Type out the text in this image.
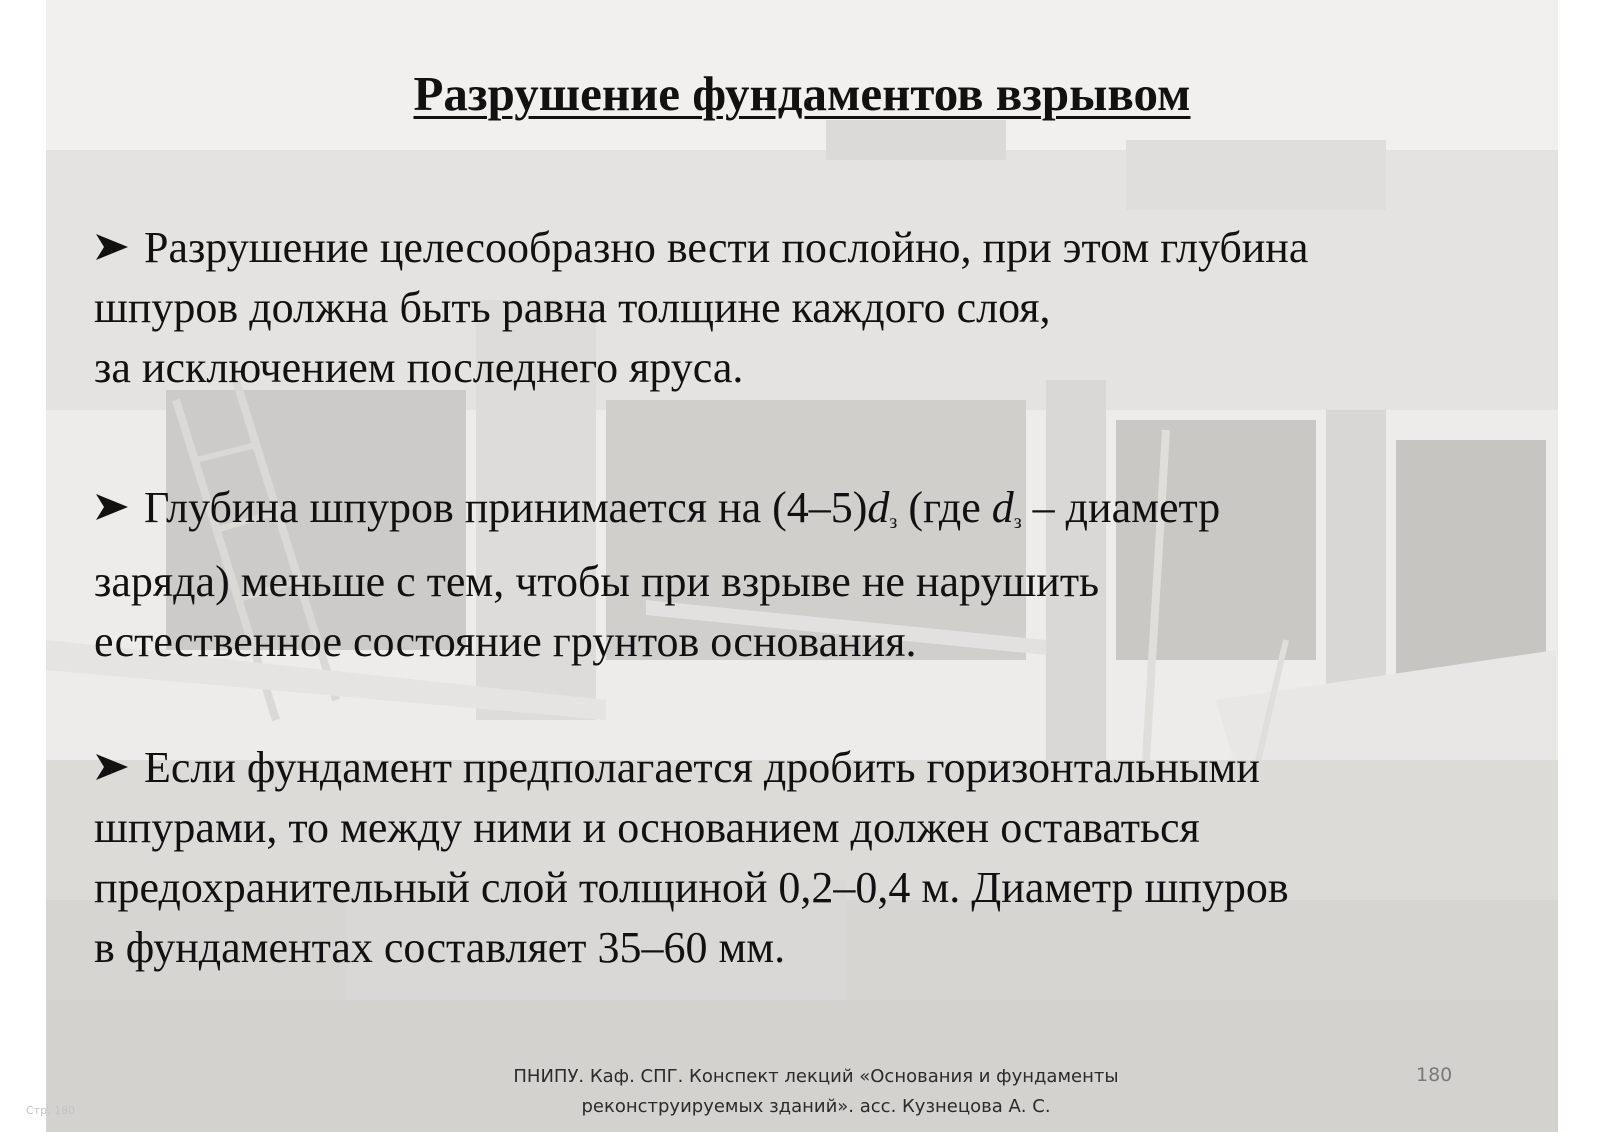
Разрушение фундаментов взрывом

Разрушение целесообразно вести послойно, при этом глубина
шпуров должна быть равна толщине каждого слоя,
за исключением последнего яруса.

Глубина шпуров принимается на $(4-5)d_з$ (где $d_з$ – диаметр
заряда) меньше с тем, чтобы при взрыве не нарушить
естественное состояние грунтов основания.

Если фундамент предполагается дробить горизонтальными
шпурами, то между ними и основанием должен оставаться
предохранительный слой толщиной 0,2–0,4 м. Диаметр шпуров
в фундаментах составляет 35–60 мм.

ПНИПУ. Каф. СПГ. Конспект лекций «Основания и фундаменты
реконструируемых зданий». асс. Кузнецова А. С.
180
Стр. 180
